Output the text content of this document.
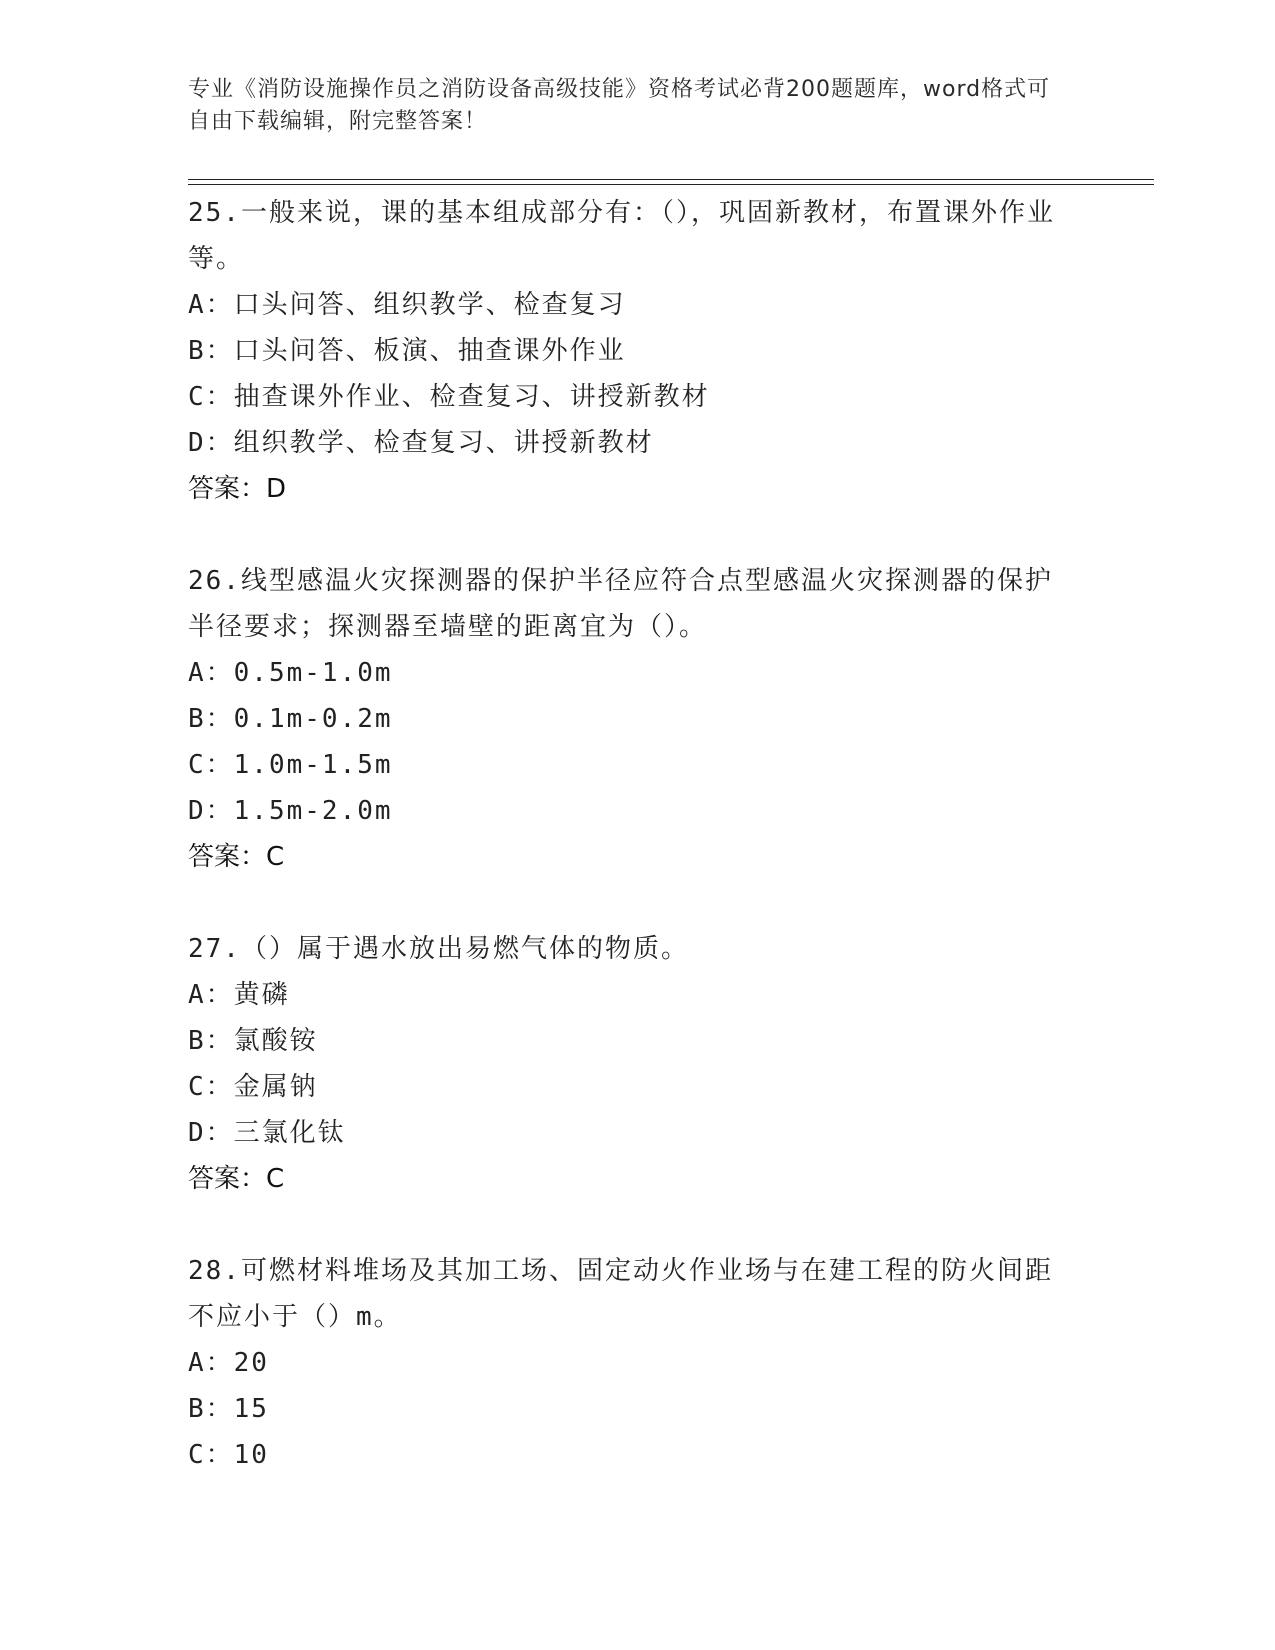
专业《消防设施操作员之消防设备高级技能》资格考试必背200题题库，word格式可自由下载编辑，附完整答案！
25.一般来说，课的基本组成部分有：（），巩固新教材，布置课外作业等。
A：口头问答、组织教学、检查复习
B：口头问答、板演、抽查课外作业
C：抽查课外作业、检查复习、讲授新教材
D：组织教学、检查复习、讲授新教材
答案：D
26.线型感温火灾探测器的保护半径应符合点型感温火灾探测器的保护半径要求；探测器至墙壁的距离宜为（）。
A：0.5m-1.0m
B：0.1m-0.2m
C：1.0m-1.5m
D：1.5m-2.0m
答案：C
27.（）属于遇水放出易燃气体的物质。
A：黄磷
B：氯酸铵
C：金属钠
D：三氯化钛
答案：C
28.可燃材料堆场及其加工场、固定动火作业场与在建工程的防火间距不应小于（）m。
A：20
B：15
C：10
